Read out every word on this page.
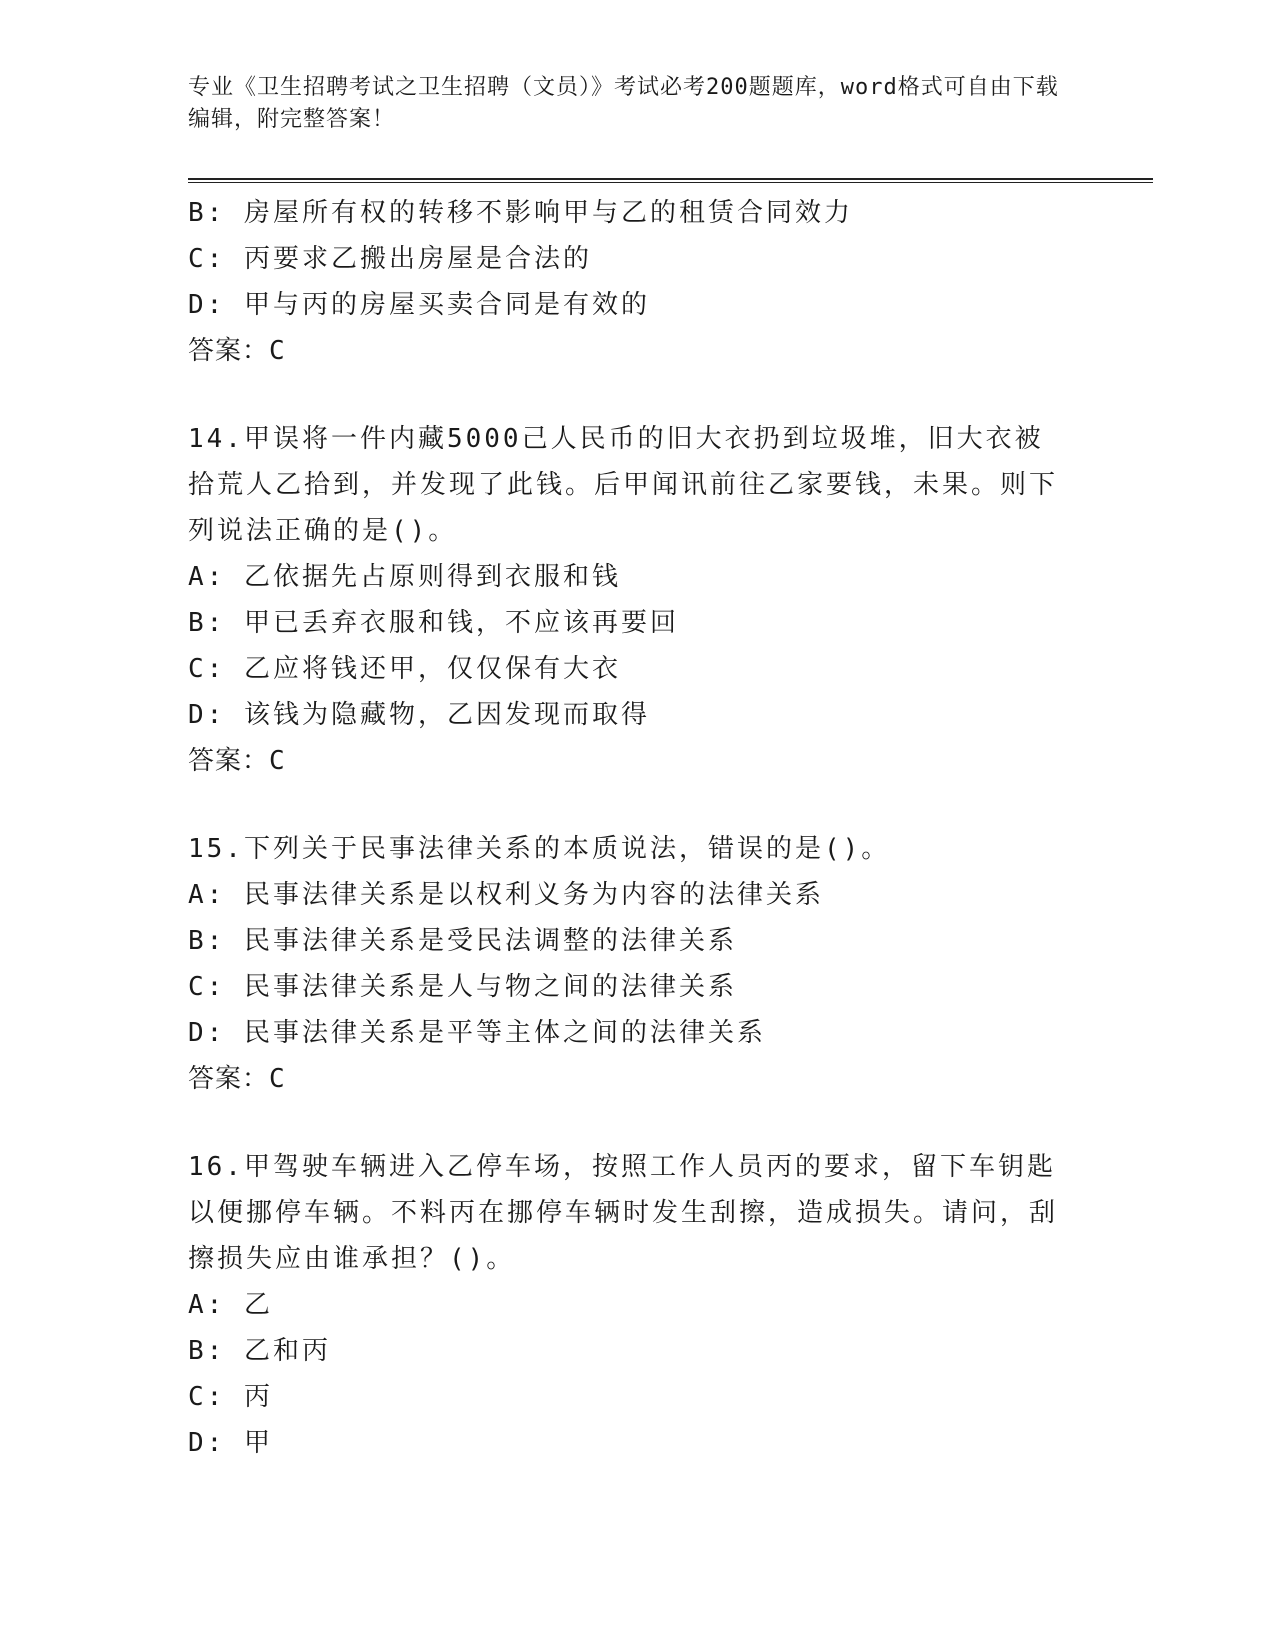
专业《卫生招聘考试之卫生招聘（文员）》考试必考200题题库，word格式可自由下载编辑，附完整答案！
B: 房屋所有权的转移不影响甲与乙的租赁合同效力
C: 丙要求乙搬出房屋是合法的
D: 甲与丙的房屋买卖合同是有效的
答案：C
14.甲误将一件内藏5000己人民币的旧大衣扔到垃圾堆，旧大衣被拾荒人乙拾到，并发现了此钱。后甲闻讯前往乙家要钱，未果。则下列说法正确的是()。
A: 乙依据先占原则得到衣服和钱
B: 甲已丢弃衣服和钱，不应该再要回
C: 乙应将钱还甲，仅仅保有大衣
D: 该钱为隐藏物，乙因发现而取得
答案：C
15.下列关于民事法律关系的本质说法，错误的是()。
A: 民事法律关系是以权利义务为内容的法律关系
B: 民事法律关系是受民法调整的法律关系
C: 民事法律关系是人与物之间的法律关系
D: 民事法律关系是平等主体之间的法律关系
答案：C
16.甲驾驶车辆进入乙停车场，按照工作人员丙的要求，留下车钥匙以便挪停车辆。不料丙在挪停车辆时发生刮擦，造成损失。请问，刮擦损失应由谁承担？()。
A: 乙
B: 乙和丙
C: 丙
D: 甲
